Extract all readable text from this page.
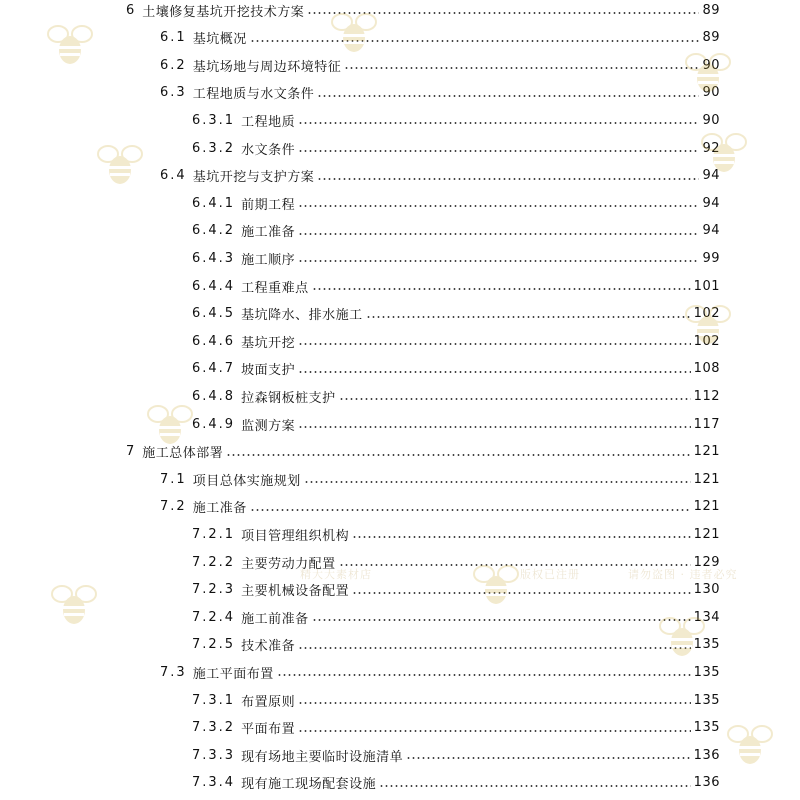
6 土壤修复基坑开挖技术方案	89
6.1 基坑概况	89
6.2 基坑场地与周边环境特征	90
6.3 工程地质与水文条件	90
6.3.1 工程地质	90
6.3.2 水文条件	92
6.4 基坑开挖与支护方案	94
6.4.1 前期工程	94
6.4.2 施工准备	94
6.4.3 施工顺序	99
6.4.4 工程重难点	101
6.4.5 基坑降水、排水施工	102
6.4.6 基坑开挖	102
6.4.7 坡面支护	108
6.4.8 拉森钢板桩支护	112
6.4.9 监测方案	117
7 施工总体部署	121
7.1 项目总体实施规划	121
7.2 施工准备	121
7.2.1 项目管理组织机构	121
7.2.2 主要劳动力配置	129
7.2.3 主要机械设备配置	130
7.2.4 施工前准备	134
7.2.5 技术准备	135
7.3 施工平面布置	135
7.3.1 布置原则	135
7.3.2 平面布置	135
7.3.3 现有场地主要临时设施清单	136
7.3.4 现有施工现场配套设施	136
精大大素材店	版权已注册	请勿盗图 · 违者必究
